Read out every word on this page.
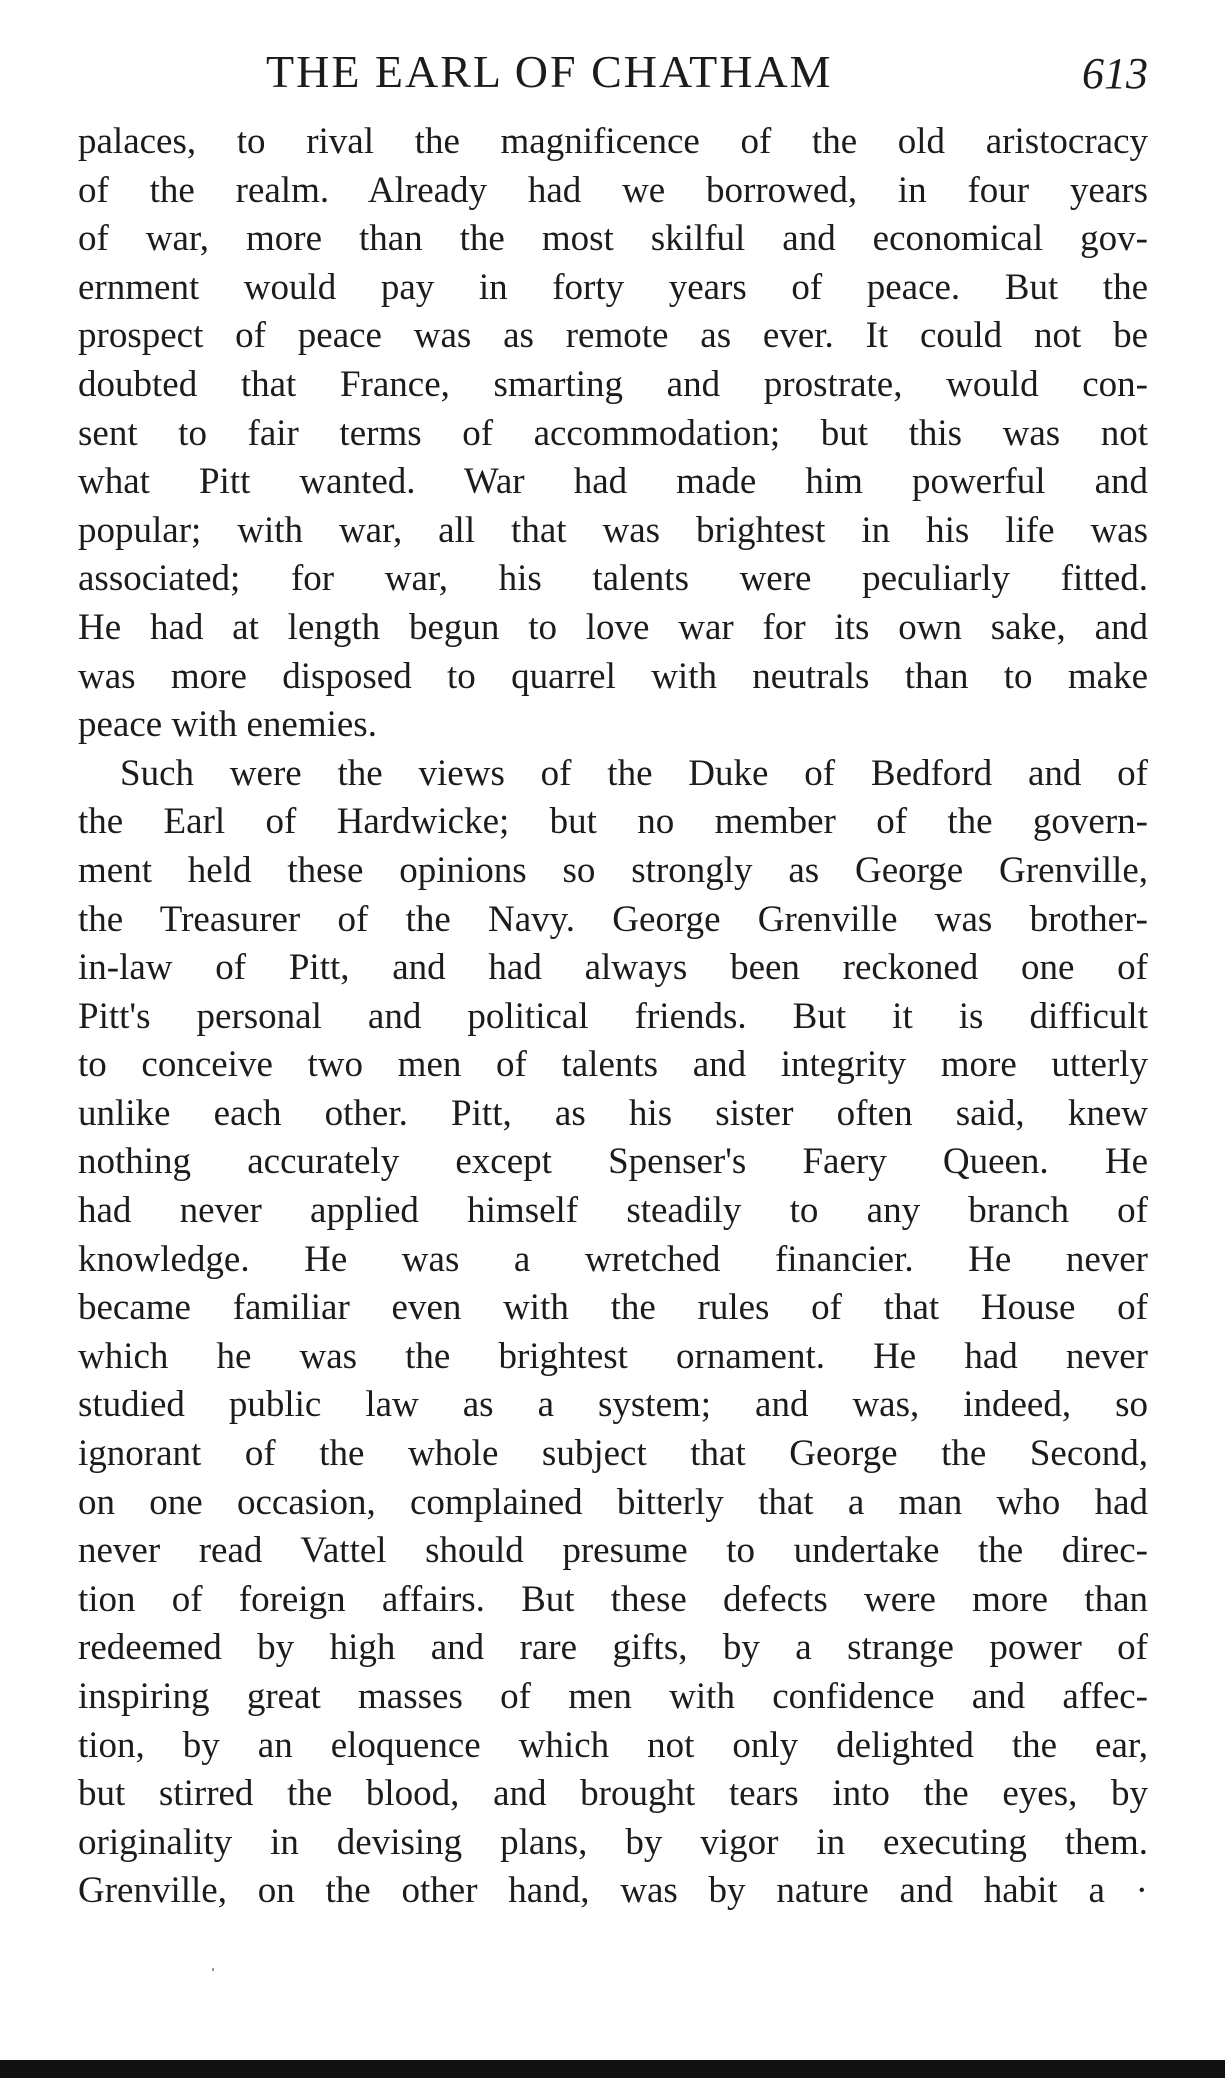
THE EARL OF CHATHAM	613
palaces, to rival the magnificence of the old aristocracy
of the realm. Already had we borrowed, in four years
of war, more than the most skilful and economical gov-
ernment would pay in forty years of peace. But the
prospect of peace was as remote as ever. It could not be
doubted that France, smarting and prostrate, would con-
sent to fair terms of accommodation; but this was not
what Pitt wanted. War had made him powerful and
popular; with war, all that was brightest in his life was
associated; for war, his talents were peculiarly fitted.
He had at length begun to love war for its own sake, and
was more disposed to quarrel with neutrals than to make
peace with enemies.
Such were the views of the Duke of Bedford and of
the Earl of Hardwicke; but no member of the govern-
ment held these opinions so strongly as George Grenville,
the Treasurer of the Navy. George Grenville was brother-
in-law of Pitt, and had always been reckoned one of
Pitt's personal and political friends. But it is difficult
to conceive two men of talents and integrity more utterly
unlike each other. Pitt, as his sister often said, knew
nothing accurately except Spenser's Faery Queen. He
had never applied himself steadily to any branch of
knowledge. He was a wretched financier. He never
became familiar even with the rules of that House of
which he was the brightest ornament. He had never
studied public law as a system; and was, indeed, so
ignorant of the whole subject that George the Second,
on one occasion, complained bitterly that a man who had
never read Vattel should presume to undertake the direc-
tion of foreign affairs. But these defects were more than
redeemed by high and rare gifts, by a strange power of
inspiring great masses of men with confidence and affec-
tion, by an eloquence which not only delighted the ear,
but stirred the blood, and brought tears into the eyes, by
originality in devising plans, by vigor in executing them.
Grenville, on the other hand, was by nature and habit a ·
